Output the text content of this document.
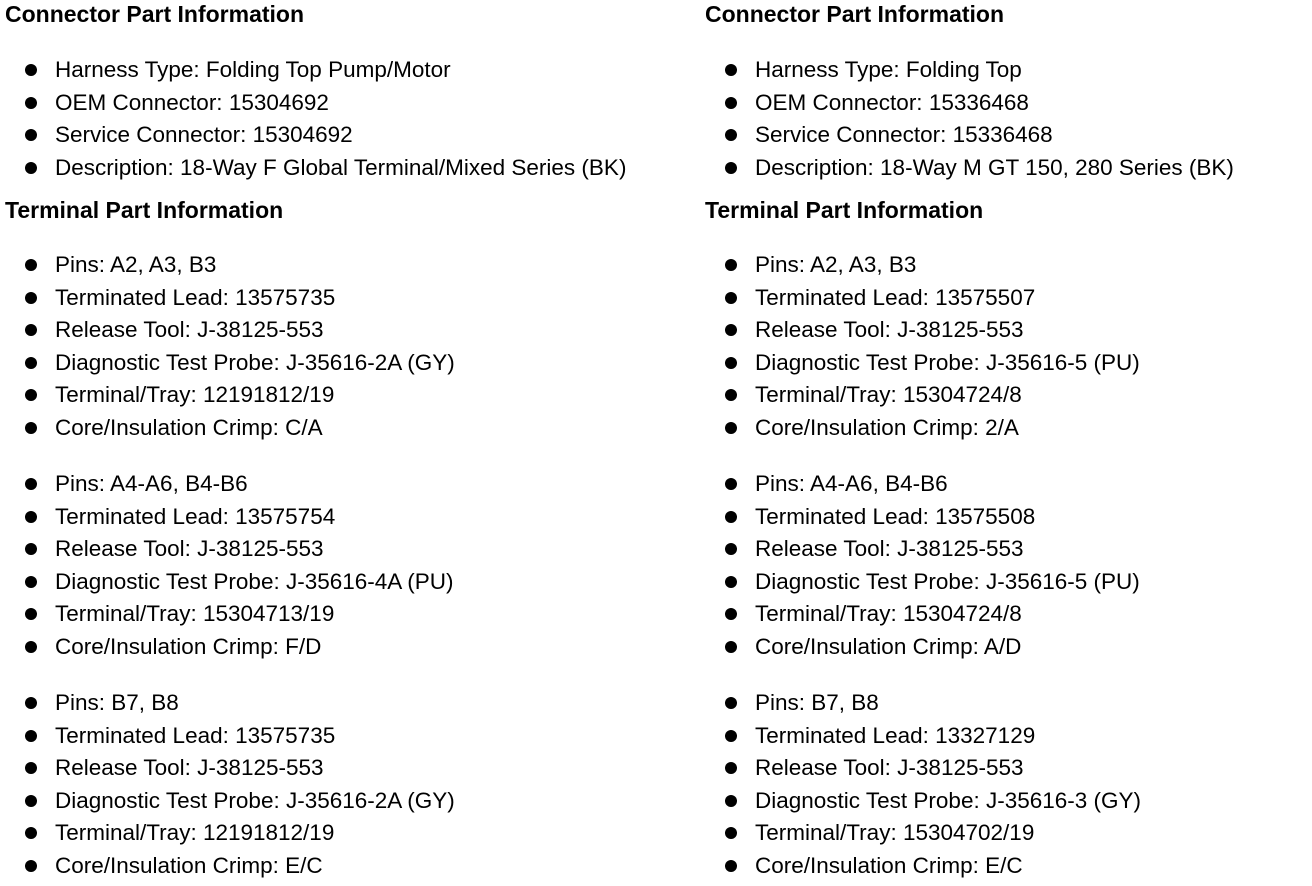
Connector Part Information
Harness Type: Folding Top Pump/Motor
OEM Connector: 15304692
Service Connector: 15304692
Description: 18-Way F Global Terminal/Mixed Series (BK)
Terminal Part Information
Pins: A2, A3, B3
Terminated Lead: 13575735
Release Tool: J-38125-553
Diagnostic Test Probe: J-35616-2A (GY)
Terminal/Tray: 12191812/19
Core/Insulation Crimp: C/A
Pins: A4-A6, B4-B6
Terminated Lead: 13575754
Release Tool: J-38125-553
Diagnostic Test Probe: J-35616-4A (PU)
Terminal/Tray: 15304713/19
Core/Insulation Crimp: F/D
Pins: B7, B8
Terminated Lead: 13575735
Release Tool: J-38125-553
Diagnostic Test Probe: J-35616-2A (GY)
Terminal/Tray: 12191812/19
Core/Insulation Crimp: E/C
Connector Part Information
Harness Type: Folding Top
OEM Connector: 15336468
Service Connector: 15336468
Description: 18-Way M GT 150, 280 Series (BK)
Terminal Part Information
Pins: A2, A3, B3
Terminated Lead: 13575507
Release Tool: J-38125-553
Diagnostic Test Probe: J-35616-5 (PU)
Terminal/Tray: 15304724/8
Core/Insulation Crimp: 2/A
Pins: A4-A6, B4-B6
Terminated Lead: 13575508
Release Tool: J-38125-553
Diagnostic Test Probe: J-35616-5 (PU)
Terminal/Tray: 15304724/8
Core/Insulation Crimp: A/D
Pins: B7, B8
Terminated Lead: 13327129
Release Tool: J-38125-553
Diagnostic Test Probe: J-35616-3 (GY)
Terminal/Tray: 15304702/19
Core/Insulation Crimp: E/C
